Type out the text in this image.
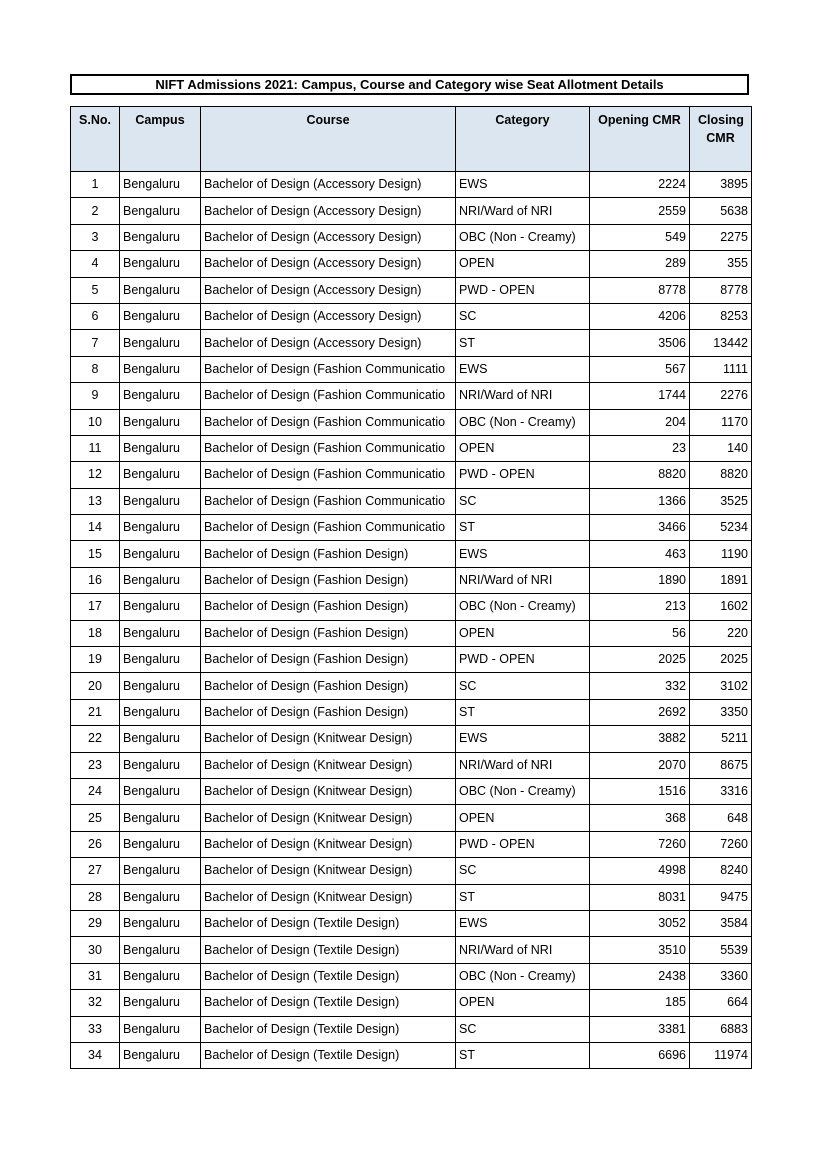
NIFT Admissions 2021: Campus, Course and Category wise Seat Allotment Details
S.No.	Campus	Course	Category	Opening CMR	Closing CMR
1	Bengaluru	Bachelor of Design (Accessory Design)	EWS	2224	3895
2	Bengaluru	Bachelor of Design (Accessory Design)	NRI/Ward of NRI	2559	5638
3	Bengaluru	Bachelor of Design (Accessory Design)	OBC (Non - Creamy)	549	2275
4	Bengaluru	Bachelor of Design (Accessory Design)	OPEN	289	355
5	Bengaluru	Bachelor of Design (Accessory Design)	PWD - OPEN	8778	8778
6	Bengaluru	Bachelor of Design (Accessory Design)	SC	4206	8253
7	Bengaluru	Bachelor of Design (Accessory Design)	ST	3506	13442
8	Bengaluru	Bachelor of Design (Fashion Communicatio	EWS	567	1111
9	Bengaluru	Bachelor of Design (Fashion Communicatio	NRI/Ward of NRI	1744	2276
10	Bengaluru	Bachelor of Design (Fashion Communicatio	OBC (Non - Creamy)	204	1170
11	Bengaluru	Bachelor of Design (Fashion Communicatio	OPEN	23	140
12	Bengaluru	Bachelor of Design (Fashion Communicatio	PWD - OPEN	8820	8820
13	Bengaluru	Bachelor of Design (Fashion Communicatio	SC	1366	3525
14	Bengaluru	Bachelor of Design (Fashion Communicatio	ST	3466	5234
15	Bengaluru	Bachelor of Design (Fashion Design)	EWS	463	1190
16	Bengaluru	Bachelor of Design (Fashion Design)	NRI/Ward of NRI	1890	1891
17	Bengaluru	Bachelor of Design (Fashion Design)	OBC (Non - Creamy)	213	1602
18	Bengaluru	Bachelor of Design (Fashion Design)	OPEN	56	220
19	Bengaluru	Bachelor of Design (Fashion Design)	PWD - OPEN	2025	2025
20	Bengaluru	Bachelor of Design (Fashion Design)	SC	332	3102
21	Bengaluru	Bachelor of Design (Fashion Design)	ST	2692	3350
22	Bengaluru	Bachelor of Design (Knitwear Design)	EWS	3882	5211
23	Bengaluru	Bachelor of Design (Knitwear Design)	NRI/Ward of NRI	2070	8675
24	Bengaluru	Bachelor of Design (Knitwear Design)	OBC (Non - Creamy)	1516	3316
25	Bengaluru	Bachelor of Design (Knitwear Design)	OPEN	368	648
26	Bengaluru	Bachelor of Design (Knitwear Design)	PWD - OPEN	7260	7260
27	Bengaluru	Bachelor of Design (Knitwear Design)	SC	4998	8240
28	Bengaluru	Bachelor of Design (Knitwear Design)	ST	8031	9475
29	Bengaluru	Bachelor of Design (Textile Design)	EWS	3052	3584
30	Bengaluru	Bachelor of Design (Textile Design)	NRI/Ward of NRI	3510	5539
31	Bengaluru	Bachelor of Design (Textile Design)	OBC (Non - Creamy)	2438	3360
32	Bengaluru	Bachelor of Design (Textile Design)	OPEN	185	664
33	Bengaluru	Bachelor of Design (Textile Design)	SC	3381	6883
34	Bengaluru	Bachelor of Design (Textile Design)	ST	6696	11974
